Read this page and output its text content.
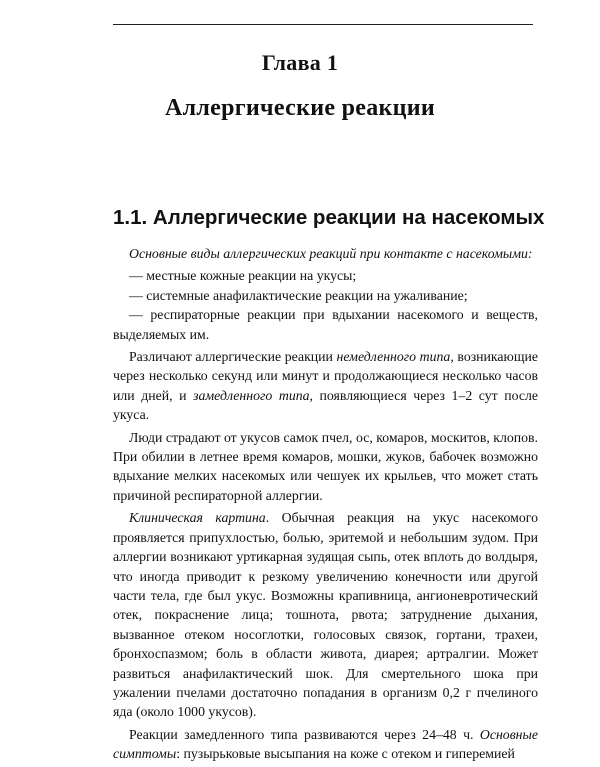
Глава 1
Аллергические реакции
1.1. Аллергические реакции на насекомых

Основные виды аллергических реакций при контакте с насекомыми:

— местные кожные реакции на укусы;

— системные анафилактические реакции на ужаливание;

— респираторные реакции при вдыхании насекомого и веществ, выделяемых им.

Различают аллергические реакции немедленного типа, возникающие через несколько секунд или минут и продолжающиеся несколько часов или дней, и замедленного типа, появляющиеся через 1–2 сут после укуса.

Люди страдают от укусов самок пчел, ос, комаров, москитов, клопов. При обилии в летнее время комаров, мошки, жуков, бабочек возможно вдыхание мелких насекомых или чешуек их крыльев, что может стать причиной респираторной аллергии.

Клиническая картина. Обычная реакция на укус насекомого проявляется припухлостью, болью, эритемой и небольшим зудом. При аллергии возникают уртикарная зудящая сыпь, отек вплоть до волдыря, что иногда приводит к резкому увеличению конечности или другой части тела, где был укус. Возможны крапивница, ангионевротический отек, покраснение лица; тошнота, рвота; затруднение дыхания, вызванное отеком носоглотки, голосовых связок, гортани, трахеи, бронхоспазмом; боль в области живота, диарея; артралгии. Может развиться анафилактический шок. Для смертельного шока при ужалении пчелами достаточно попадания в организм 0,2 г пчелиного яда (около 1000 укусов).

Реакции замедленного типа развиваются через 24–48 ч. Основные симптомы: пузырьковые высыпания на коже с отеком и гиперемией
